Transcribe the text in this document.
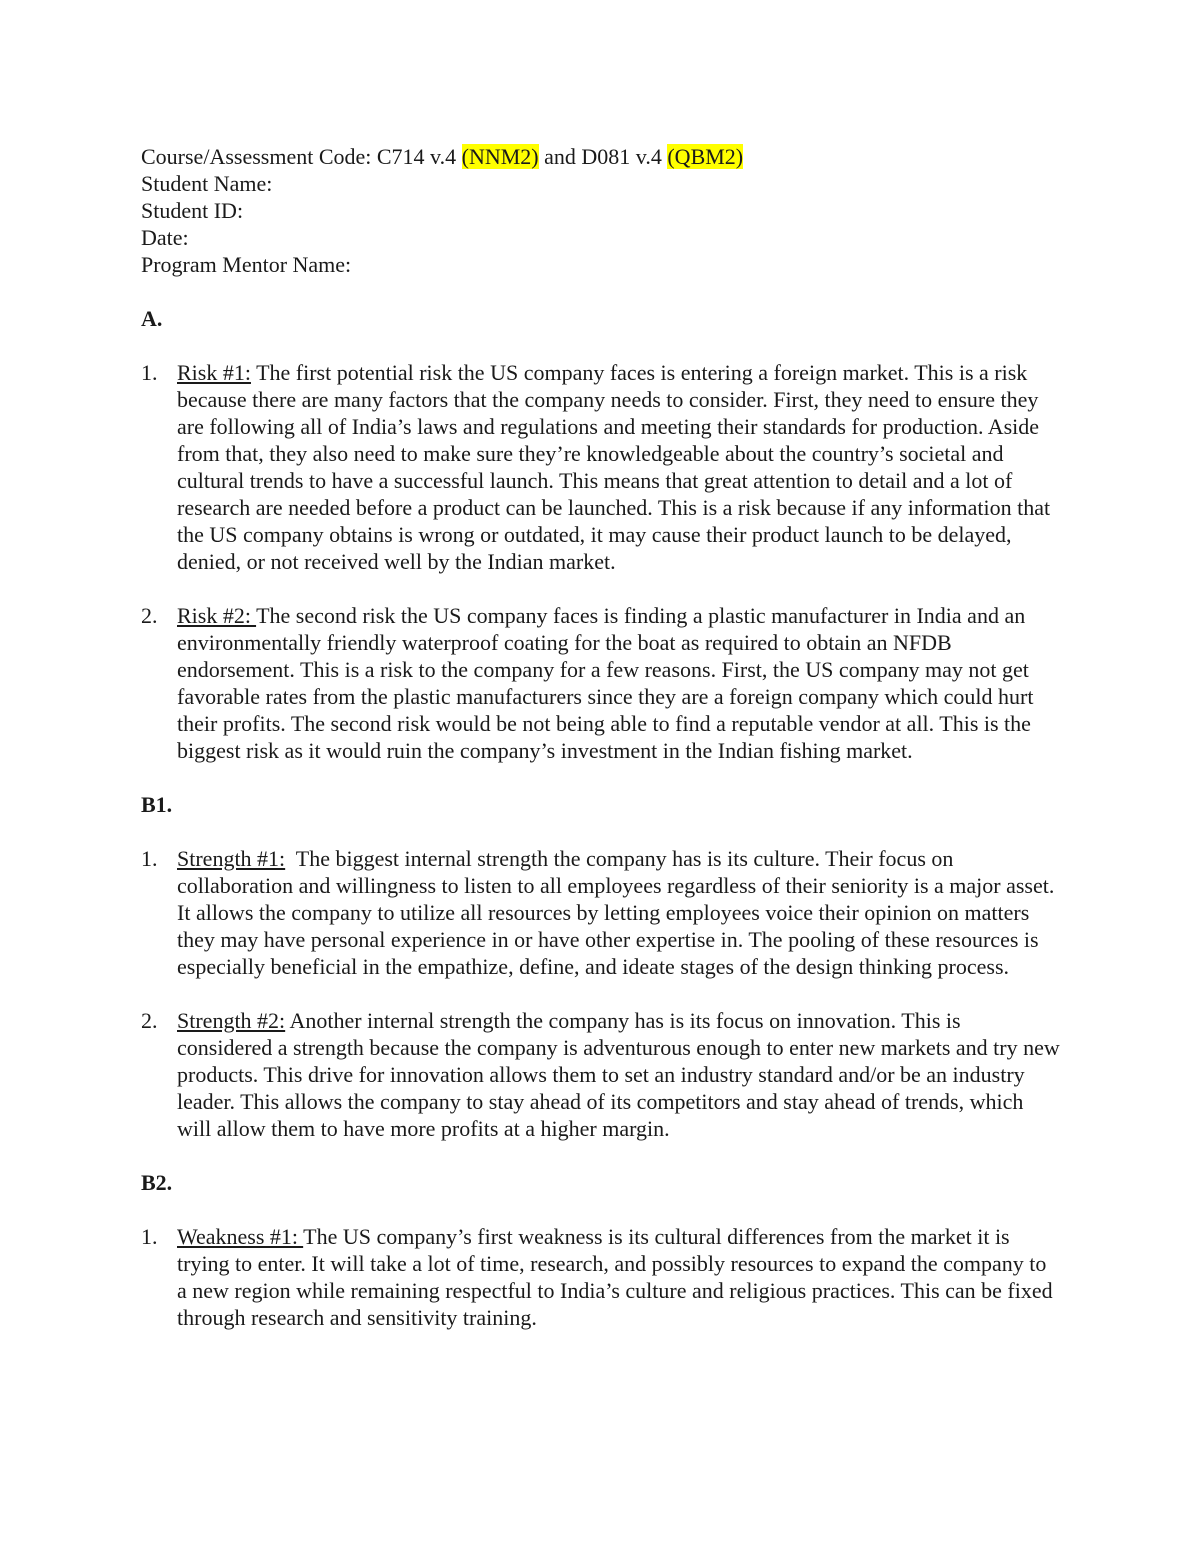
Course/Assessment Code: C714 v.4 (NNM2) and D081 v.4 (QBM2)
Student Name:
Student ID:
Date:
Program Mentor Name:
A.
1. Risk #1: The first potential risk the US company faces is entering a foreign market. This is a risk because there are many factors that the company needs to consider. First, they need to ensure they are following all of India’s laws and regulations and meeting their standards for production. Aside from that, they also need to make sure they’re knowledgeable about the country’s societal and cultural trends to have a successful launch. This means that great attention to detail and a lot of research are needed before a product can be launched. This is a risk because if any information that the US company obtains is wrong or outdated, it may cause their product launch to be delayed, denied, or not received well by the Indian market.
2. Risk #2: The second risk the US company faces is finding a plastic manufacturer in India and an environmentally friendly waterproof coating for the boat as required to obtain an NFDB endorsement. This is a risk to the company for a few reasons. First, the US company may not get favorable rates from the plastic manufacturers since they are a foreign company which could hurt their profits. The second risk would be not being able to find a reputable vendor at all. This is the biggest risk as it would ruin the company’s investment in the Indian fishing market.
B1.
1. Strength #1:  The biggest internal strength the company has is its culture. Their focus on collaboration and willingness to listen to all employees regardless of their seniority is a major asset. It allows the company to utilize all resources by letting employees voice their opinion on matters they may have personal experience in or have other expertise in. The pooling of these resources is especially beneficial in the empathize, define, and ideate stages of the design thinking process.
2. Strength #2: Another internal strength the company has is its focus on innovation. This is considered a strength because the company is adventurous enough to enter new markets and try new products. This drive for innovation allows them to set an industry standard and/or be an industry leader. This allows the company to stay ahead of its competitors and stay ahead of trends, which will allow them to have more profits at a higher margin.
B2.
1. Weakness #1: The US company’s first weakness is its cultural differences from the market it is trying to enter. It will take a lot of time, research, and possibly resources to expand the company to a new region while remaining respectful to India’s culture and religious practices. This can be fixed through research and sensitivity training.
